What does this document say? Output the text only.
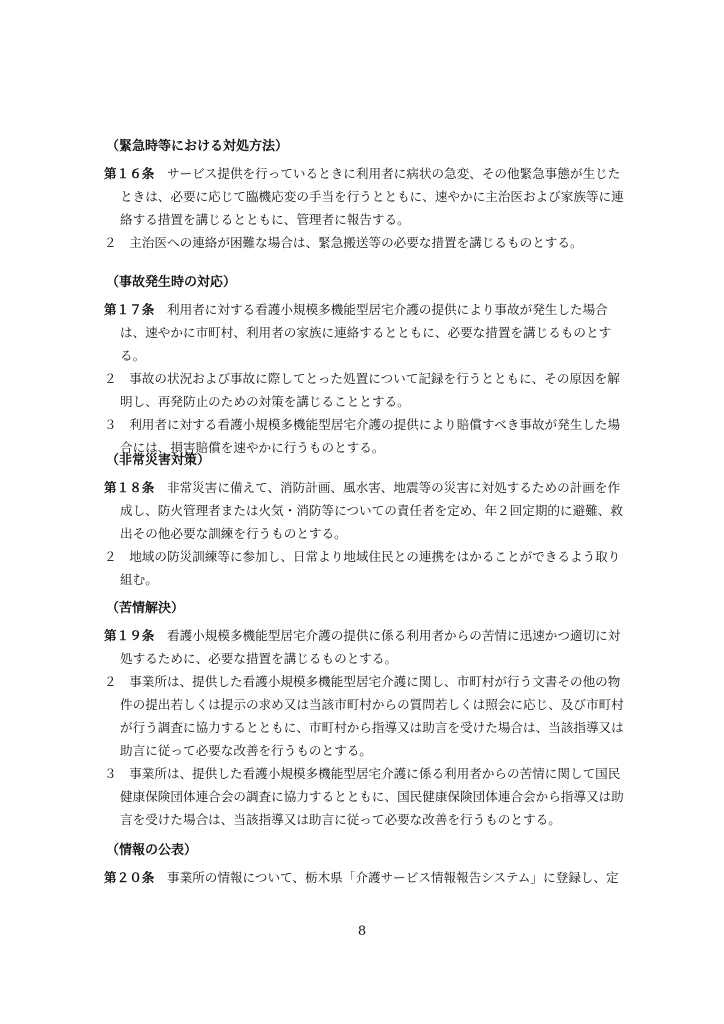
（緊急時等における対処方法）

第１６条　サービス提供を行っているときに利用者に病状の急変、その他緊急事態が生じたときは、必要に応じて臨機応変の手当を行うとともに、速やかに主治医および家族等に連絡する措置を講じるとともに、管理者に報告する。

２　主治医への連絡が困難な場合は、緊急搬送等の必要な措置を講じるものとする。

（事故発生時の対応）

第１７条　利用者に対する看護小規模多機能型居宅介護の提供により事故が発生した場合は、速やかに市町村、利用者の家族に連絡するとともに、必要な措置を講じるものとする。

２　事故の状況および事故に際してとった処置について記録を行うとともに、その原因を解明し、再発防止のための対策を講じることとする。

３　利用者に対する看護小規模多機能型居宅介護の提供により賠償すべき事故が発生した場合には、損害賠償を速やかに行うものとする。

（非常災害対策）

第１８条　非常災害に備えて、消防計画、風水害、地震等の災害に対処するための計画を作成し、防火管理者または火気・消防等についての責任者を定め、年２回定期的に避難、救出その他必要な訓練を行うものとする。

２　地域の防災訓練等に参加し、日常より地域住民との連携をはかることができるよう取り組む。

（苦情解決）

第１９条　看護小規模多機能型居宅介護の提供に係る利用者からの苦情に迅速かつ適切に対処するために、必要な措置を講じるものとする。

２　事業所は、提供した看護小規模多機能型居宅介護に関し、市町村が行う文書その他の物件の提出若しくは提示の求め又は当該市町村からの質問若しくは照会に応じ、及び市町村が行う調査に協力するとともに、市町村から指導又は助言を受けた場合は、当該指導又は助言に従って必要な改善を行うものとする。

３　事業所は、提供した看護小規模多機能型居宅介護に係る利用者からの苦情に関して国民健康保険団体連合会の調査に協力するとともに、国民健康保険団体連合会から指導又は助言を受けた場合は、当該指導又は助言に従って必要な改善を行うものとする。

（情報の公表）

第２０条　事業所の情報について、栃木県「介護サービス情報報告システム」に登録し、定

8
